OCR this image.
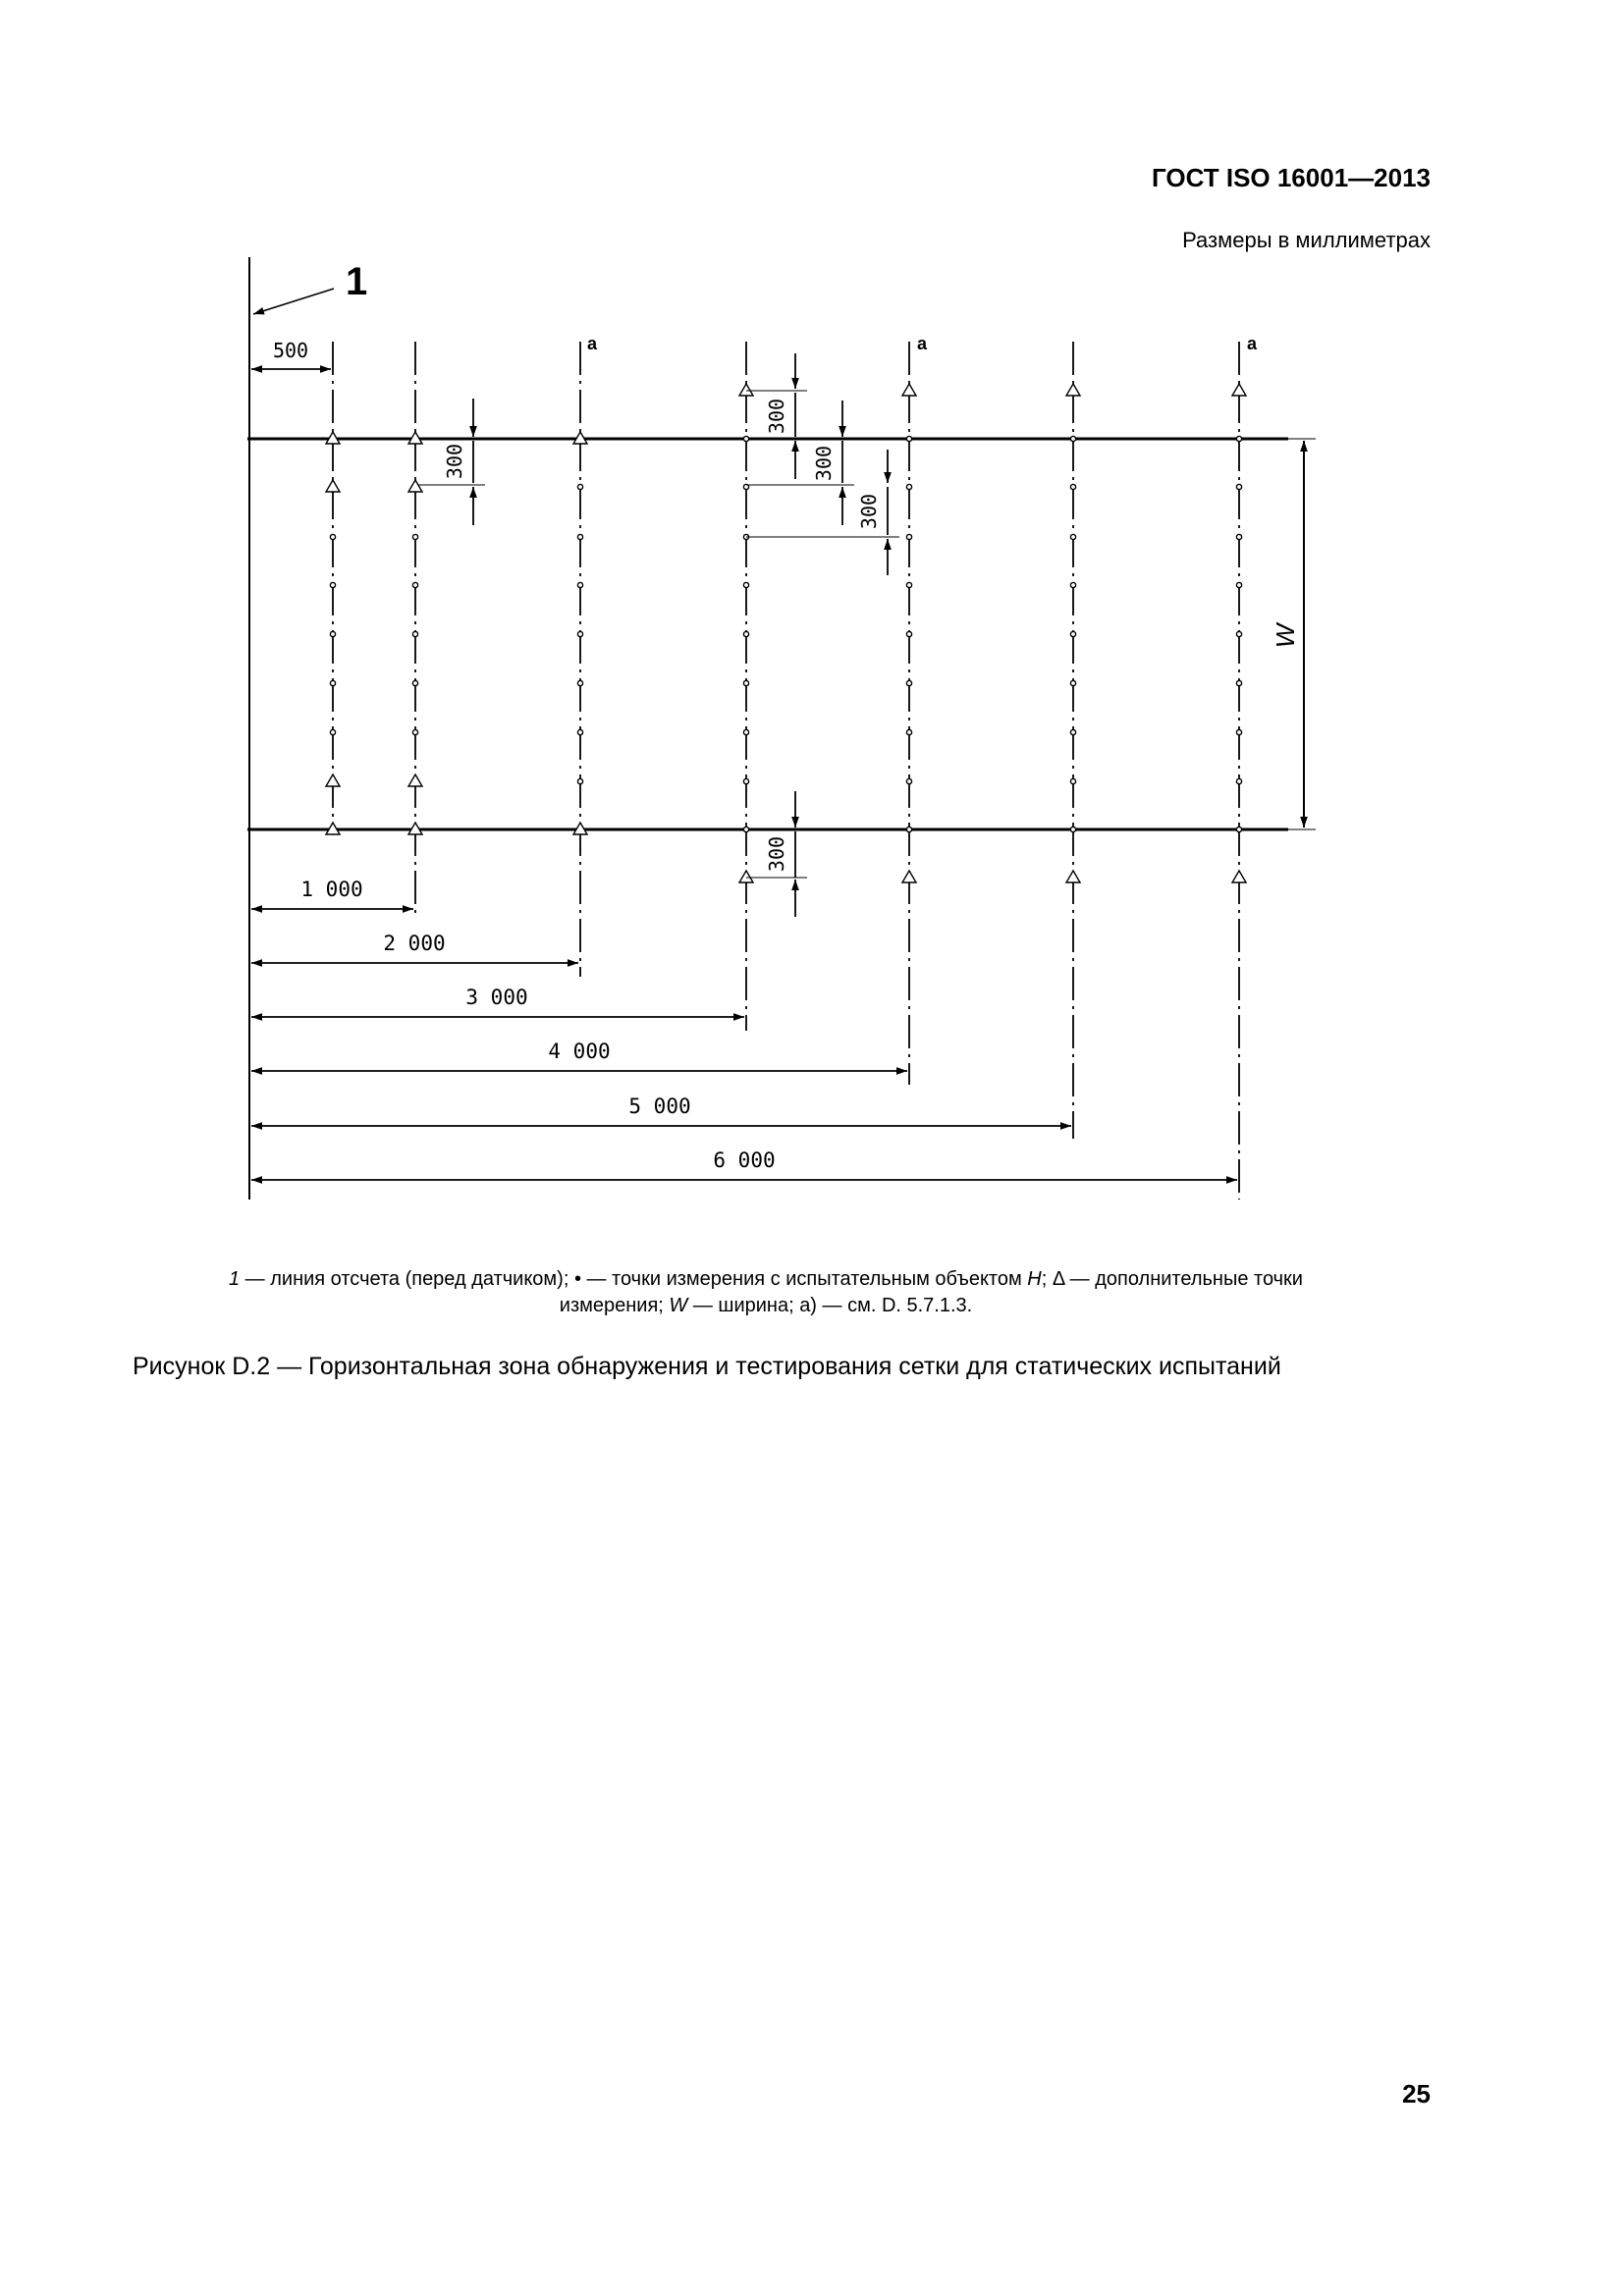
ГОСТ ISO 16001—2013

Размеры в миллиметрах

1
W
a	a	a
500
300
300
300
300
300
1 000
2 000
3 000
4 000
5 000
6 000

1 — линия отсчета (перед датчиком); • — точки измерения с испытательным объектом H; Δ — дополнительные точки
измерения; W — ширина; а) — см. D. 5.7.1.3.

Рисунок D.2 — Горизонтальная зона обнаружения и тестирования сетки для статических испытаний

25
